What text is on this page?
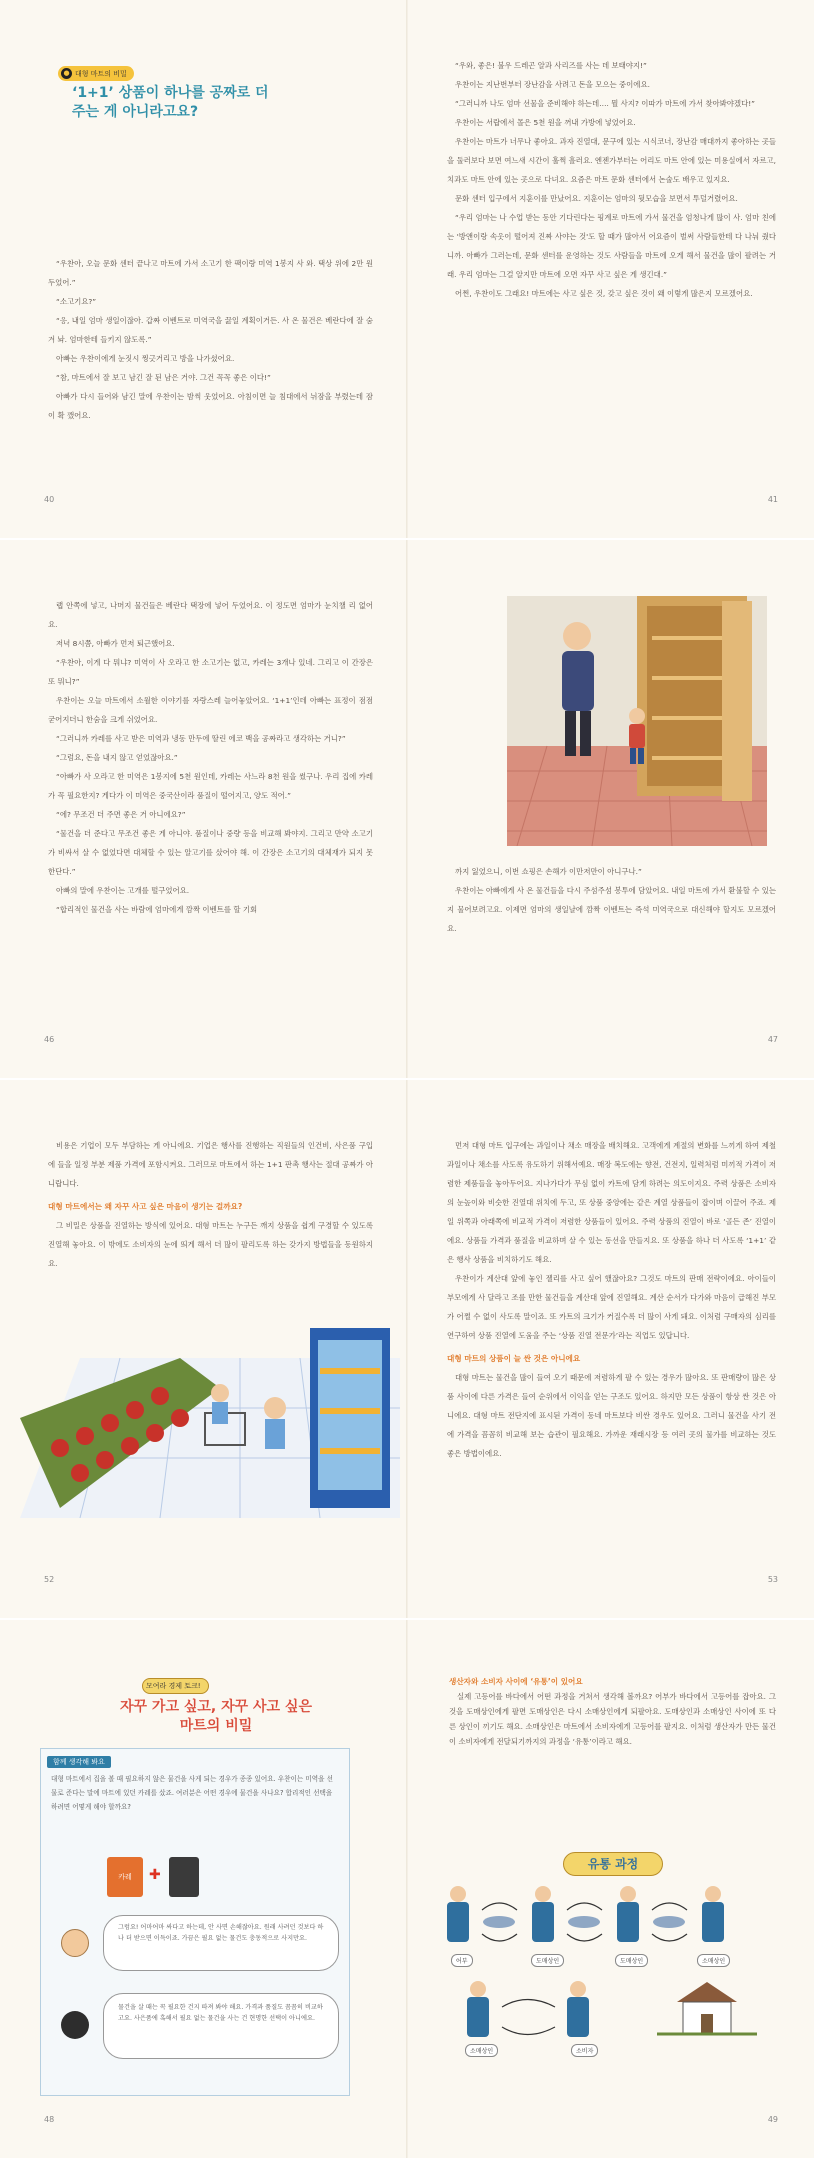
● 대형 마트의 비밀
‘1+1’ 상품이 하나를 공짜로 더
주는 게 아니라고요?

“우찬아, 오늘 문화 센터 끝나고 마트에 가서 소고기 한 팩이랑 미역 1봉지 사 와. 택상 위에 2만 원 두었어.”

“소고기요?”

“응, 내일 엄마 생일이잖아. 갑짜 이벤트로 미역국을 끓일 계획이거든. 사 온 물건은 베란다에 잘 숨겨 놔. 엄마한테 들키지 않도록.”

아빠는 우찬이에게 눈짓시 찡긋거리고 방을 나가셨어요.

“참, 마트에서 잘 보고 남긴 잘 된 남은 거야. 그건 꼭꼭 좋은 이다!”

아빠가 다시 들어와 남긴 말에 우찬이는 밤씩 웃었어요. 아침이면 늘 침대에서 뉘잠을 부렸는데 잠이 확 깼어요.

40

“우와, 좋은! 불우 드레곤 알과 사리즈를 사는 데 보태야지!”

우찬이는 지난번부터 장난감을 사려고 돈을 모으는 중이에요.

“그러니까 나도 엄마 선물을 준비해야 하는데…. 뭘 사지? 이따가 마트에 가서 찾아봐야겠다!”

우찬이는 서랍에서 몰은 5천 원을 꺼내 가방에 넣었어요.

우찬이는 마트가 너무나 좋아요. 과자 진열대, 문구에 있는 시식코너, 장난감 매대까지 좋아하는 곳들을 둘러보다 보면 여느새 시간이 훌쩍 흘러요. 엔젠가부터는 어리도 마트 안에 있는 미용실에서 자르고, 치과도 마트 안에 있는 곳으로 다녀요. 요즘은 마트 문화 센터에서 논술도 배우고 있지요.

문화 센터 입구에서 지훈이를 만났어요. 지훈이는 엄마의 뒷모습을 보면서 투덜거렸어요.

“우리 엄마는 나 수업 받는 동안 기다린다는 핑계로 마트에 가서 물건을 엄청나게 많이 사. 엄마 친에는 '방앤이랑 속옷이 떨어져 진짜 사야는 것'도 할 때가 많아서 어요즘이 벌써 사람들한테 다 나눠 줬다니까. 아빠가 그러는데, 문화 센터를 운영하는 것도 사람들을 마트에 오게 해서 물건을 많이 팔려는 거래. 우리 엄마는 그걸 알지만 마트에 오면 자꾸 사고 싶은 게 생긴대.”

어쩐, 우찬이도 그래요! 마트에는 사고 싶은 것, 갖고 싶은 것이 왜 이렇게 많은지 모르겠어요.

41

랩 안쪽에 넣고, 나머지 물건들은 베란다 택장에 넣어 두었어요. 이 정도면 엄마가 눈치챌 리 없어요.

저녁 8시쯤, 아빠가 먼저 퇴근했어요.

“우찬아, 이게 다 뭐냐? 미역이 사 오라고 한 소고기는 없고, 카레는 3개나 있네. 그리고 이 간장은 또 뭐니?”

우찬이는 오늘 마트에서 소월한 이야기를 자랑스레 늘어놓았어요. ‘1+1’인데 아빠는 표정이 점점 굳어지더니 한숨을 크게 쉬었어요.

“그러니까 카레를 사고 받은 미역과 냉동 만두에 딸린 에코 백을 공짜라고 생각하는 거니?”

“그럼요, 돈을 내지 않고 얻었잖아요.”

“아빠가 사 오라고 한 미역은 1봉지에 5천 원인데, 카레는 사느라 8천 원을 썼구나. 우리 집에 카레가 꼭 필요한지? 게다가 이 미역은 중국산이라 품질이 떨어지고, 양도 적어.”

“에? 무조건 더 주면 좋은 거 아니에요?”

“물건을 더 준다고 무조건 좋은 게 아니야. 품질이나 중량 등을 비교해 봐야지. 그리고 만약 소고기가 비싸서 살 수 없었다면 대체할 수 있는 알고기를 샀어야 해. 이 간장은 소고기의 대체재가 되지 못한단다.”

아빠의 말에 우찬이는 고개를 떨구었어요.

“합리적인 물건을 사는 바람에 엄마에게 깜짝 이벤트를 할 기회

46

까지 잃었으니, 이번 쇼핑은 손해가 이만저만이 아니구나.”

우찬이는 아빠에게 사 온 물건들을 다시 주섬주섬 봉투에 담았어요. 내일 마트에 가서 환불할 수 있는지 물어보려고요. 이제면 엄마의 생일날에 깜짝 이벤트는 즉석 미역국으로 대신해야 할지도 모르겠어요.

47

비용은 기업이 모두 부담하는 게 아니에요. 기업은 행사를 진행하는 직원들의 인건비, 사은품 구입에 들을 일정 부분 제품 가격에 포함시켜요. 그러므로 마트에서 하는 1+1 판촉 행사는 절대 공짜가 아니랍니다.

대형 마트에서는 왜 자꾸 사고 싶은 마음이 생기는 걸까요?

그 비밀은 상품을 진열하는 방식에 있어요. 대형 마트는 누구든 깨지 상품을 쉽게 구경할 수 있도록 진열해 놓아요. 이 밖에도 소비자의 눈에 띄게 해서 더 많이 팔리도록 하는 갖가지 방법들을 동원하지요.

52

먼저 대형 마트 입구에는 과일이나 채소 매장을 배치해요. 고객에게 계절의 변화를 느끼게 하여 제철 과일이나 채소를 사도록 유도하기 위해서예요. 매장 복도에는 향전, 건전지, 일력처럼 미끼적 가격이 저렴한 제품들을 놓아두어요. 지나가다가 무심 없이 카트에 담게 하려는 의도이지요. 주력 상품은 소비자의 눈높이와 비슷한 진열대 위치에 두고, 또 상품 중앙에는 같은 계열 상품들이 잡이며 이끌어 주죠. 제일 위쪽과 아래쪽에 비교적 가격이 저렴한 상품들이 있어요. 주력 상품의 진열이 바로 ‘골든 존’ 진열이에요. 상품들 가격과 품질을 비교하며 살 수 있는 동선을 만들지요. 또 상품을 하나 더 사도록 ‘1+1’ 같은 행사 상품을 비치하기도 해요.

우찬이가 계산대 앞에 놓인 젤리를 사고 싶어 했잖아요? 그것도 마트의 판매 전략이에요. 아이들이 부모에게 사 달라고 조를 만한 물건들을 계산대 앞에 진열해요. 계산 순서가 다가와 마음이 급해진 부모가 어쩔 수 없이 사도록 말이죠. 또 카트의 크기가 커질수록 더 많이 사게 돼요. 이처럼 구매자의 심리를 연구하여 상품 진열에 도움을 주는 ‘상품 진열 전문가’라는 직업도 있답니다.

대형 마트의 상품이 늘 싼 것은 아니에요

대형 마트는 물건을 많이 들여 오기 때문에 저렴하게 팔 수 있는 경우가 많아요. 또 판매량이 많은 상품 사이에 다른 가격은 들여 순위에서 이익을 얻는 구조도 있어요. 하지만 모든 상품이 항상 싼 것은 아니에요. 대형 마트 전단지에 표시된 가격이 동네 마트보다 비싼 경우도 있어요. 그러니 물건을 사기 전에 가격을 꼼꼼히 비교해 보는 습관이 필요해요. 가까운 재래시장 등 여러 곳의 물가를 비교하는 것도 좋은 방법이에요.

53
모여라 경제 토크!
자꾸 가고 싶고, 자꾸 사고 싶은
마트의 비밀
함께 생각해 봐요
대형 마트에서 집을 볼 때 필요하지 않은 물건을 사게 되는 경우가 종종 있어요. 우찬이는 미역을 선물로 준다는 말에 마트에 있던 카레를 샀죠. 여러분은 어떤 경우에 물건을 사나요? 합리적인 선택을 하려면 어떻게 해야 할까요?
카레	✚
그럼요! 어마어마 싸다고 하는데, 안 사면 손해잖아요. 원래 사려던 것보다 하나 더 받으면 이득이죠. 가끔은 필요 없는 물건도 충동적으로 사지만요.
물건을 살 때는 꼭 필요한 건지 따져 봐야 해요. 가격과 품질도 꼼꼼히 비교하고요. 사은품에 혹해서 필요 없는 물건을 사는 건 현명한 선택이 아니에요.
48

생산자와 소비자 사이에 ‘유통’이 있어요

실제 고등어를 바다에서 어떤 과정을 거쳐서 생각해 볼까요? 어부가 바다에서 고등어를 잡아요. 그것을 도매상인에게 팔면 도매상인은 다시 소매상인에게 되팔아요. 도매상인과 소매상인 사이에 또 다른 상인이 끼기도 해요. 소매상인은 마트에서 소비자에게 고등어를 팔지요. 이처럼 생산자가 만든 물건이 소비자에게 전달되기까지의 과정을 ‘유통’이라고 해요.

유통 과정
어부	도매상인	도매상인	소매상인
소매상인	소비자
49
